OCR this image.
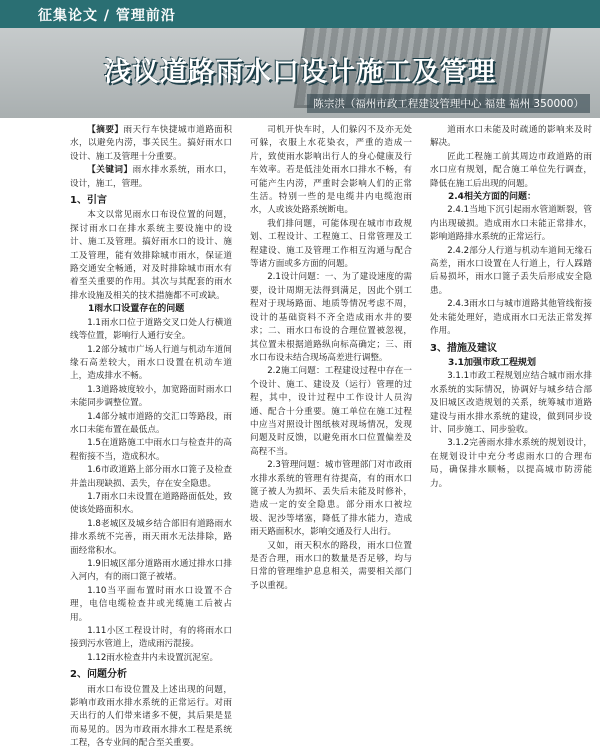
征集论文 / 管理前沿
浅议道路雨水口设计施工及管理
陈宗洪（福州市政工程建设管理中心 福建 福州 350000）

【摘要】雨天行车快捷城市道路面积水，以避免内涝，事关民生。搞好雨水口设计、施工及管理十分重要。

【关键词】雨水排水系统，雨水口，设计，施工，管理。

1、引言

本文以常见雨水口布设位置的问题，探讨雨水口在排水系统主要设施中的设计、施工及管理。搞好雨水口的设计、施工及管理，能有效排除城市雨水，保证道路交通安全畅通，对及时排除城市雨水有着至关重要的作用。其次与其配套的雨水排水设施及相关的技术措施都不可或缺。

1雨水口设置存在的问题

1.1雨水口位于道路交叉口处人行横道线等位置，影响行人通行安全。

1.2部分城市广场人行道与机动车道间缘石高差较大，雨水口设置在机动车道上，造成排水不畅。

1.3道路坡度较小，加宽路面时雨水口未能同步调整位置。

1.4部分城市道路的交汇口等路段，雨水口未能布置在最低点。

1.5在道路施工中雨水口与检查井的高程衔接不当，造成积水。

1.6市政道路上部分雨水口篦子及检查井盖出现缺损、丢失，存在安全隐患。

1.7雨水口未设置在道路路面低处，致使该处路面积水。

1.8老城区及城乡结合部旧有道路雨水排水系统不完善，雨天雨水无法排除，路面经常积水。

1.9旧城区部分道路雨水通过排水口排入河内，有的雨口篦子被堵。

1.10当平面布置时雨水口设置不合理，电信电缆检查井或光缆施工后被占用。

1.11小区工程设计时，有的将雨水口接到污水管道上，造成雨污混接。

1.12雨水检查井内未设置沉泥室。

2、问题分析

雨水口布设位置及上述出现的问题，影响市政雨水排水系统的正常运行。对雨天出行的人们带来诸多不便，其后果是显而易见的。因为市政雨水排水工程是系统工程，各专业间的配合至关重要。

司机开快车时，人们躲闪不及亦无处可躲，衣服上水花染衣，严重的造成一片，致使雨水影响出行人的身心健康及行车效率。若是低洼处雨水口排水不畅，有可能产生内涝，严重时会影响人们的正常生活。特别一些的是电缆井内电缆泡雨水，人或该处路系统断电。

我们排问题，可能体现在城市市政规划、工程设计、工程施工、日常管理及工程建设、施工及管理工作相互沟通与配合等诸方面或多方面的问题。

2.1设计问题：一、为了建设速度的需要，设计周期无法得到满足，因此个别工程对于现场路面、地质等情况考虑不周，设计的基础资料不齐全造成雨水井的要求；二、雨水口布设的合理位置被忽视，其位置未根据道路纵向标高确定；三、雨水口布设未结合现场高差进行调整。

2.2施工问题：工程建设过程中存在一个设计、施工、建设及（运行）管理的过程，其中，设计过程中工作设计人员沟通、配合十分重要。施工单位在施工过程中应当对照设计图纸核对现场情况，发现问题及时反馈，以避免雨水口位置偏差及高程不当。

2.3管理问题：城市管理部门对市政雨水排水系统的管理有待提高，有的雨水口篦子被人为损坏、丢失后未能及时修补，造成一定的安全隐患。部分雨水口被垃圾、泥沙等堵塞，降低了排水能力，造成雨天路面积水，影响交通及行人出行。

又如，雨天积水的路段，雨水口位置是否合理，雨水口的数量是否足够，均与日常的管理维护息息相关，需要相关部门予以重视。

道雨水口未能及时疏通的影响来及时解决。

匠此工程施工前其周边市政道路的雨水口应有规划，配合施工单位先行调查，降低在施工后出现的问题。

2.4相关方面的问题：

2.4.1当地下沉引起雨水管道断裂，管内出现破损。造成雨水口未能正常排水，影响道路排水系统的正常运行。

2.4.2部分人行道与机动车道间无缘石高差，雨水口设置在人行道上，行人踩踏后易损坏，雨水口篦子丢失后形成安全隐患。

2.4.3雨水口与城市道路其他管线衔接处未能处理好，造成雨水口无法正常发挥作用。

3、措施及建议

3.1加强市政工程规划

3.1.1市政工程规划应结合城市雨水排水系统的实际情况，协调好与城乡结合部及旧城区改造规划的关系，统筹城市道路建设与雨水排水系统的建设，做到同步设计、同步施工、同步验收。

3.1.2完善雨水排水系统的规划设计，在规划设计中充分考虑雨水口的合理布局，确保排水顺畅，以提高城市防涝能力。
